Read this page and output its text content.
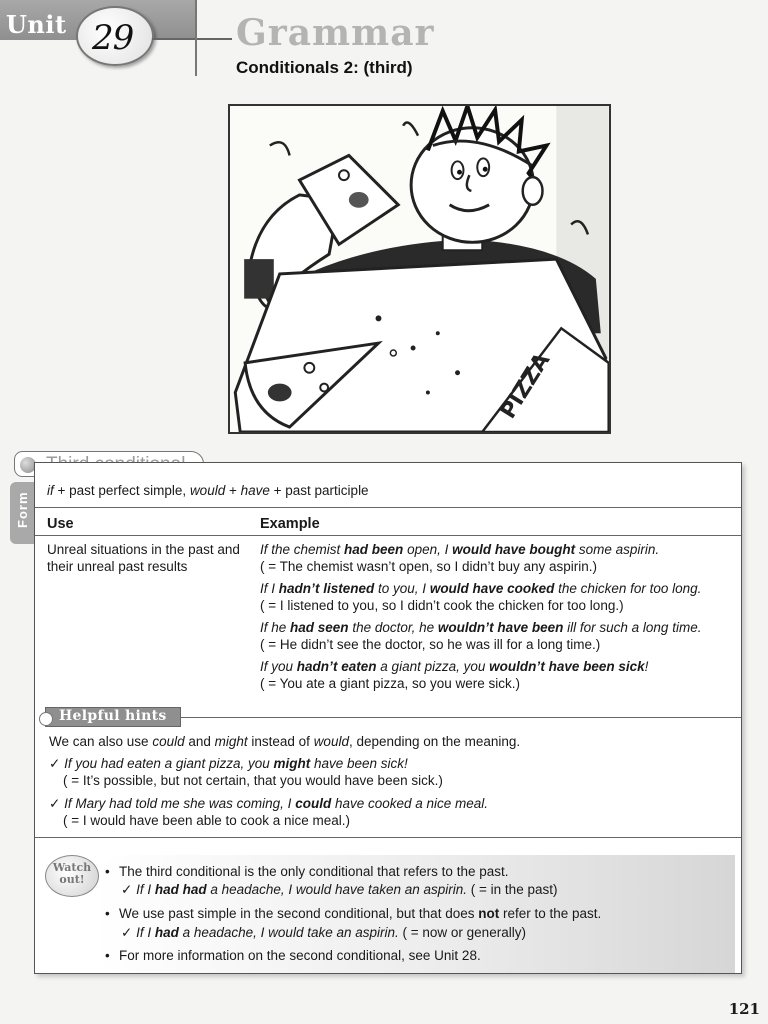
Unit 29	Grammar
Conditionals 2: (third)
PIZZA
Form
if + past perfect simple, would + have + past participle
Use	Example
Unreal situations in the past and their unreal past results
If the chemist had been open, I would have bought some aspirin.
( = The chemist wasn’t open, so I didn’t buy any aspirin.)
If I hadn’t listened to you, I would have cooked the chicken for too long.
( = I listened to you, so I didn’t cook the chicken for too long.)
If he had seen the doctor, he wouldn’t have been ill for such a long time.
( = He didn’t see the doctor, so he was ill for a long time.)
If you hadn’t eaten a giant pizza, you wouldn’t have been sick!
( = You ate a giant pizza, so you were sick.)
Helpful hints
We can also use could and might instead of would, depending on the meaning.
✓ If you had eaten a giant pizza, you might have been sick!
( = It’s possible, but not certain, that you would have been sick.)
✓ If Mary had told me she was coming, I could have cooked a nice meal.
( = I would have been able to cook a nice meal.)
Watch
out!
• The third conditional is the only conditional that refers to the past.
✓ If I had had a headache, I would have taken an aspirin. ( = in the past)
• We use past simple in the second conditional, but that does not refer to the past.
✓ If I had a headache, I would take an aspirin. ( = now or generally)
• For more information on the second conditional, see Unit 28.
121
